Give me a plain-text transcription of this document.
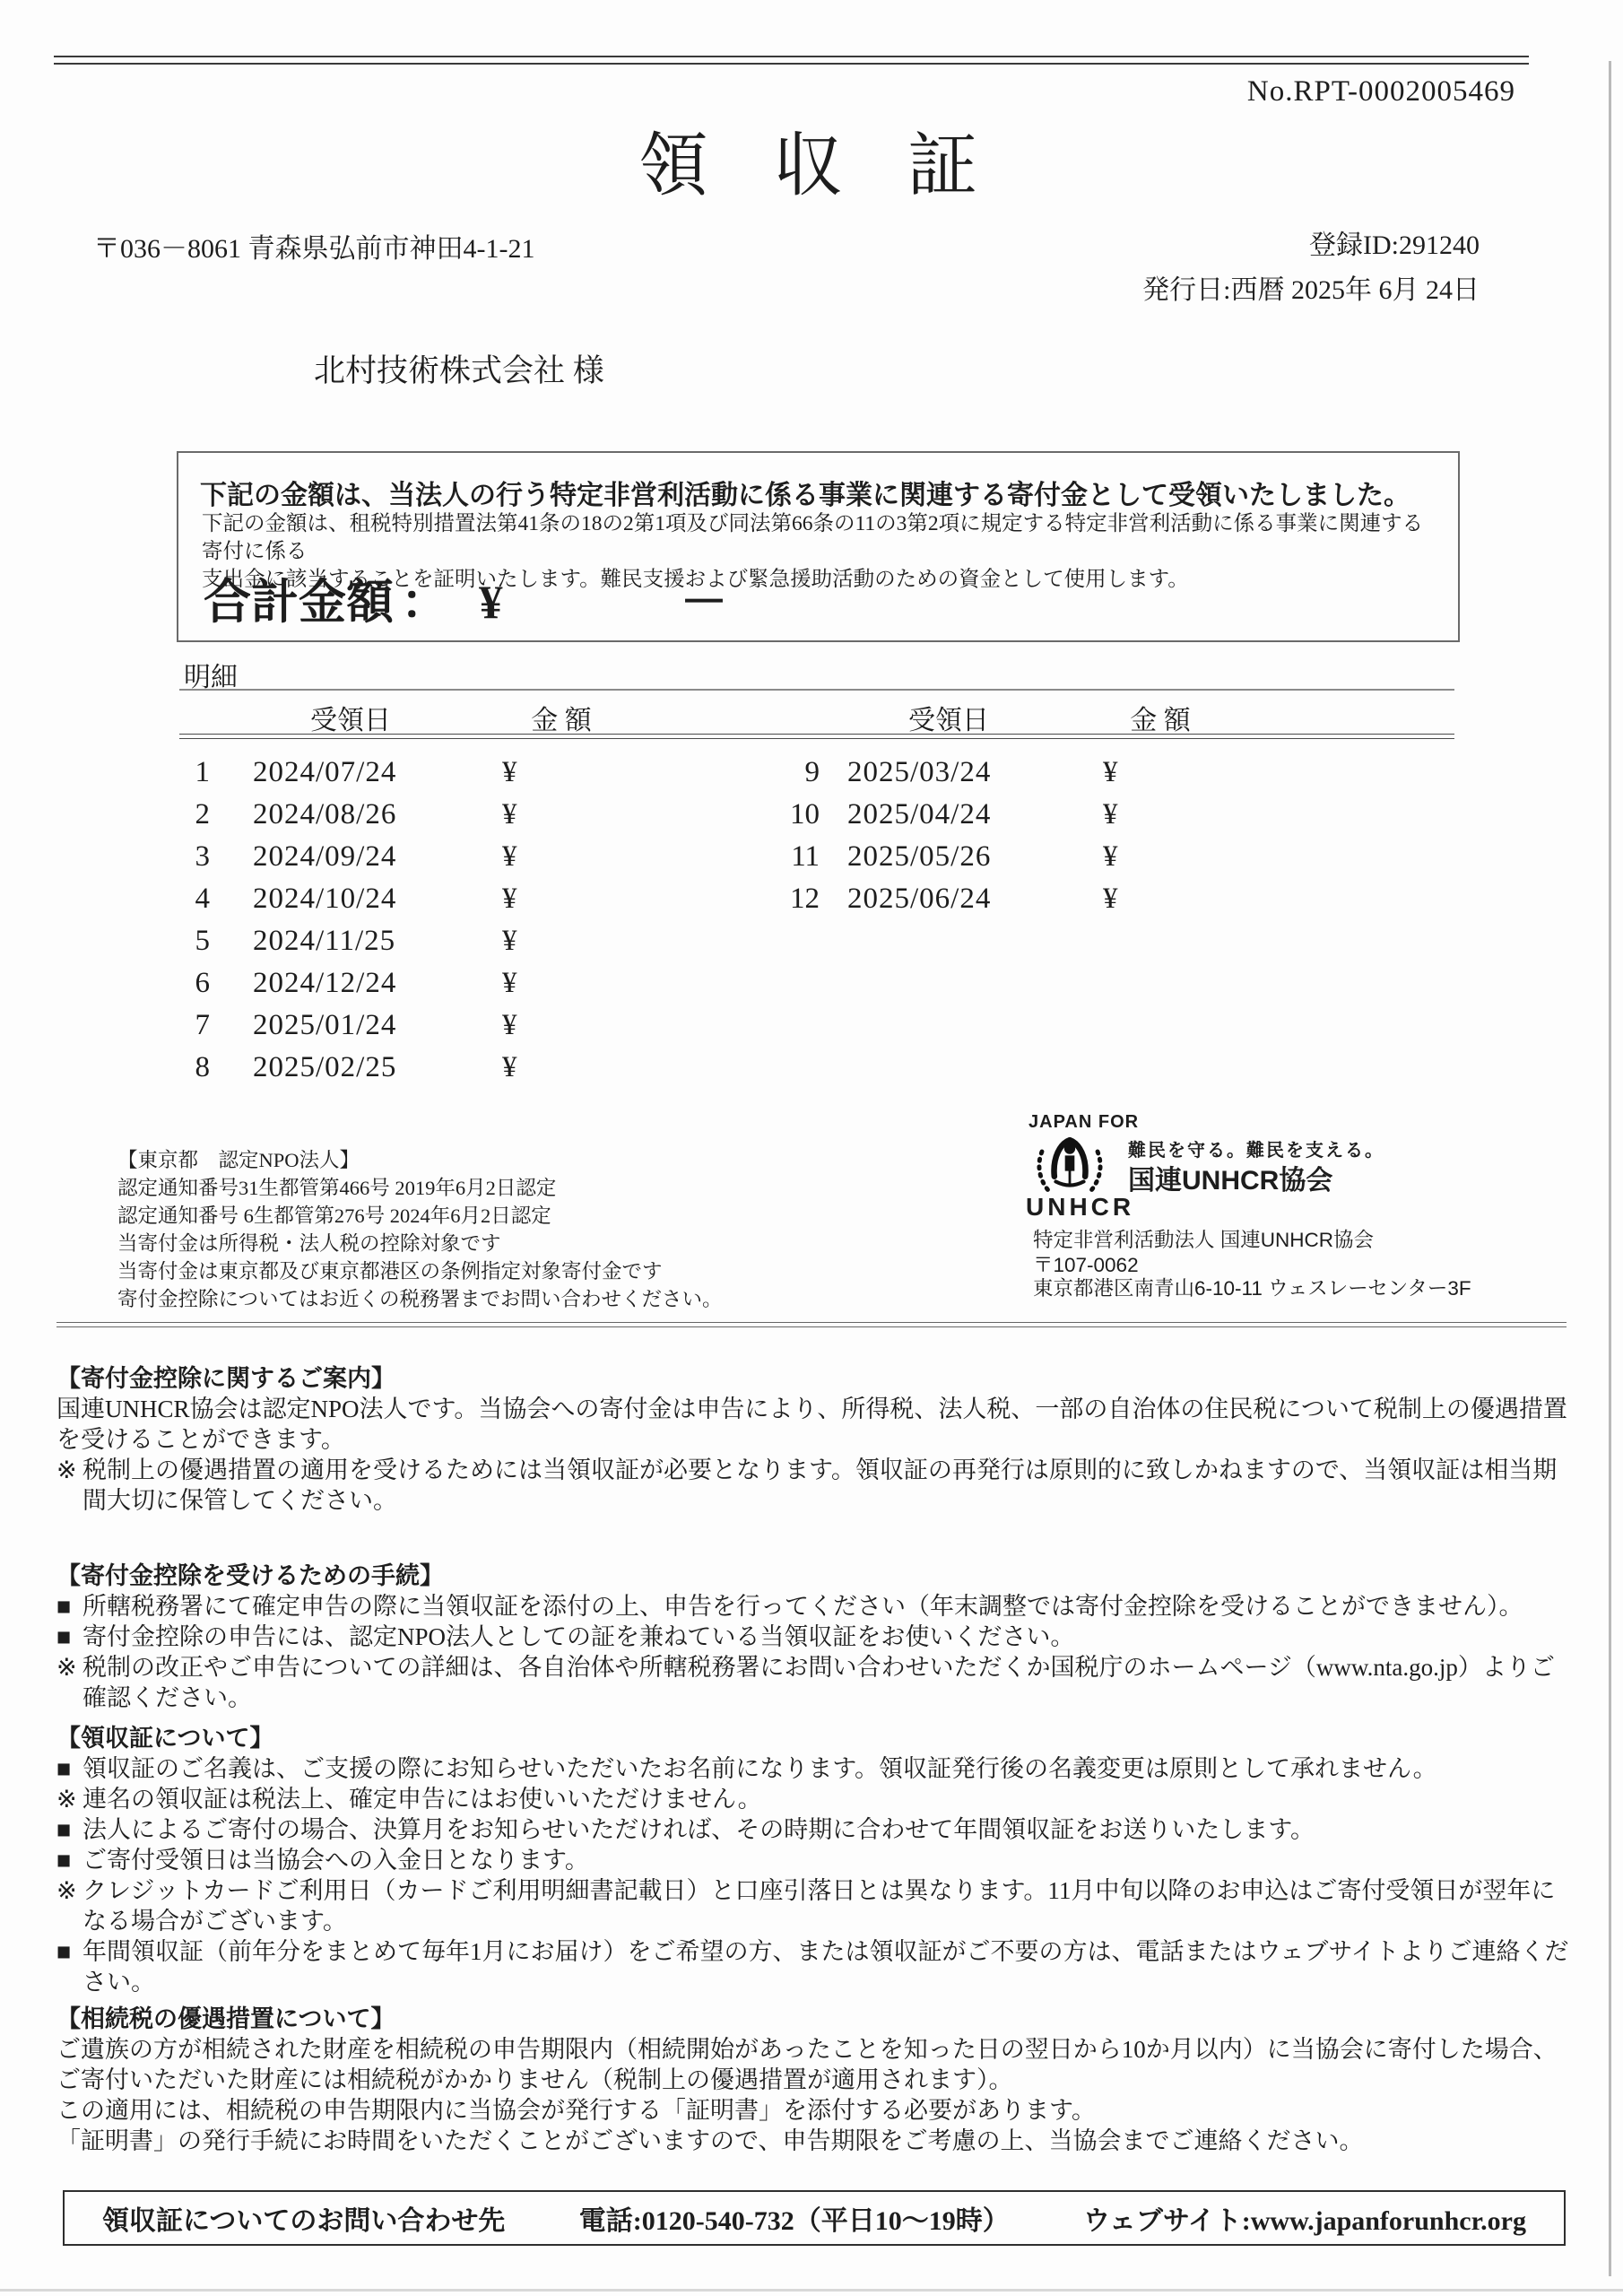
No.RPT-0002005469
領収証
〒036－8061 青森県弘前市神田4-1-21	登録ID:291240
発行日:西暦 2025年 6月 24日
北村技術株式会社 様
下記の金額は、当法人の行う特定非営利活動に係る事業に関連する寄付金として受領いたしました。
下記の金額は、租税特別措置法第41条の18の2第1項及び同法第66条の11の3第2項に規定する特定非営利活動に係る事業に関連する寄付に係る
支出金に該当することを証明いたします。難民支援および緊急援助活動のための資金として使用します。
合計金額 ： ¥	－
明細
受領日	金 額	受領日	金 額
1 2024/07/24	¥
2 2024/08/26	¥
3 2024/09/24	¥
4 2024/10/24	¥
5 2024/11/25	¥
6 2024/12/24	¥
7 2025/01/24	¥
8 2025/02/25	¥
9 2025/03/24	¥
10 2025/04/24	¥
11 2025/05/26	¥
12 2025/06/24	¥
【東京都　認定NPO法人】
認定通知番号31生都管第466号 2019年6月2日認定
認定通知番号 6生都管第276号 2024年6月2日認定
当寄付金は所得税・法人税の控除対象です
当寄付金は東京都及び東京都港区の条例指定対象寄付金です
寄付金控除についてはお近くの税務署までお問い合わせください。
JAPAN FOR
UNHCR
難民を守る。難民を支える。
国連UNHCR協会
特定非営利活動法人 国連UNHCR協会
〒107-0062
東京都港区南青山6-10-11 ウェスレーセンター3F
【寄付金控除に関するご案内】

国連UNHCR協会は認定NPO法人です。当協会への寄付金は申告により、所得税、法人税、一部の自治体の住民税について税制上の優遇措置を受けることができます。

※ 税制上の優遇措置の適用を受けるためには当領収証が必要となります。領収証の再発行は原則的に致しかねますので、当領収証は相当期間大切に保管してください。
【寄付金控除を受けるための手続】
■ 所轄税務署にて確定申告の際に当領収証を添付の上、申告を行ってください（年末調整では寄付金控除を受けることができません）。
■ 寄付金控除の申告には、認定NPO法人としての証を兼ねている当領収証をお使いください。
※ 税制の改正やご申告についての詳細は、各自治体や所轄税務署にお問い合わせいただくか国税庁のホームページ（www.nta.go.jp）よりご確認ください。
【領収証について】
■ 領収証のご名義は、ご支援の際にお知らせいただいたお名前になります。領収証発行後の名義変更は原則として承れません。
※ 連名の領収証は税法上、確定申告にはお使いいただけません。
■ 法人によるご寄付の場合、決算月をお知らせいただければ、その時期に合わせて年間領収証をお送りいたします。
■ ご寄付受領日は当協会への入金日となります。
※ クレジットカードご利用日（カードご利用明細書記載日）と口座引落日とは異なります。11月中旬以降のお申込はご寄付受領日が翌年になる場合がございます。
■ 年間領収証（前年分をまとめて毎年1月にお届け）をご希望の方、または領収証がご不要の方は、電話またはウェブサイトよりご連絡ください。
【相続税の優遇措置について】

ご遺族の方が相続された財産を相続税の申告期限内（相続開始があったことを知った日の翌日から10か月以内）に当協会に寄付した場合、ご寄付いただいた財産には相続税がかかりません（税制上の優遇措置が適用されます）。

この適用には、相続税の申告期限内に当協会が発行する「証明書」を添付する必要があります。

「証明書」の発行手続にお時間をいただくことがございますので、申告期限をご考慮の上、当協会までご連絡ください。

領収証についてのお問い合わせ先	電話:0120-540-732（平日10～19時）	ウェブサイト:www.japanforunhcr.org
